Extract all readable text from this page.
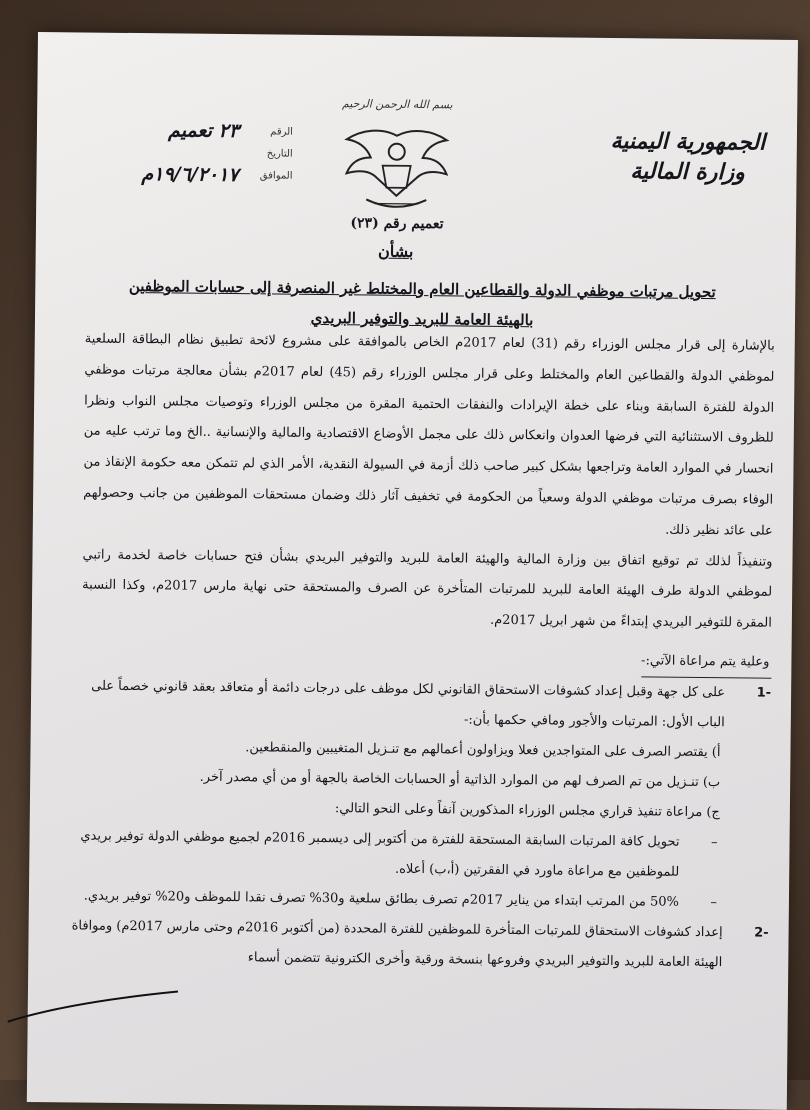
الجمهورية اليمنية
وزارة المالية
بسم الله الرحمن الرحيم
الرقم
٢٣ تعميم
التاريخ
الموافق
١٩/٦/٢٠١٧م
تعميم رقم (٢٣)
بشأن
تحويل مرتبات موظفي الدولة والقطاعين العام والمختلط غير المنصرفة إلى حسابات الموظفين
بالهيئة العامة للبريد والتوفير البريدي

بالإشارة إلى قرار مجلس الوزراء رقم (31) لعام 2017م الخاص بالموافقة على مشروع لائحة تطبيق نظام البطاقة السلعية لموظفي الدولة والقطاعين العام والمختلط وعلى قرار مجلس الوزراء رقم (45) لعام 2017م بشأن معالجة مرتبات موظفي الدولة للفترة السابقة وبناء على خطة الإيرادات والنفقات الحتمية المقرة من مجلس الوزراء وتوصيات مجلس النواب ونظرا للظروف الاستثنائية التي فرضها العدوان وانعكاس ذلك على مجمل الأوضاع الاقتصادية والمالية والإنسانية ..الخ وما ترتب عليه من انحسار في الموارد العامة وتراجعها بشكل كبير صاحب ذلك أزمة في السيولة النقدية، الأمر الذي لم تتمكن معه حكومة الإنقاذ من الوفاء بصرف مرتبات موظفي الدولة وسعياً من الحكومة في تخفيف آثار ذلك وضمان مستحقات الموظفين من جانب وحصولهم على عائد نظير ذلك.

وتنفيذاً لذلك تم توقيع اتفاق بين وزارة المالية والهيئة العامة للبريد والتوفير البريدي بشأن فتح حسابات خاصة لخدمة راتبي لموظفي الدولة طرف الهيئة العامة للبريد للمرتبات المتأخرة عن الصرف والمستحقة حتى نهاية مارس 2017م، وكذا النسبة المقرة للتوفير البريدي إبتداءً من شهر ابريل 2017م.

وعلية يتم مراعاة الآتي:-
-1
على كل جهة وقبل إعداد كشوفات الاستحقاق القانوني لكل موظف على درجات دائمة أو متعاقد بعقد قانوني خصماً على الباب الأول: المرتبات والأجور ومافي حكمها بأن:-
أ) يقتصر الصرف على المتواجدين فعلا ويزاولون أعمالهم مع تنـزيل المتغيبين والمنقطعين.
ب) تنـزيل من تم الصرف لهم من الموارد الذاتية أو الحسابات الخاصة بالجهة أو من أي مصدر آخر.
ج) مراعاة تنفيذ قراري مجلس الوزراء المذكورين آنفاً وعلى النحو التالي:
–
تحويل كافة المرتبات السابقة المستحقة للفترة من أكتوبر إلى ديسمبر 2016م لجميع موظفي الدولة توفير بريدي للموظفين مع مراعاة ماورد في الفقرتين (أ،ب) أعلاه.
–
50% من المرتب ابتداء من يناير 2017م تصرف بطائق سلعية و30% تصرف نقدا للموظف و20% توفير بريدي.
-2
إعداد كشوفات الاستحقاق للمرتبات المتأخرة للموظفين للفترة المحددة (من أكتوبر 2016م وحتى مارس 2017م) وموافاة الهيئة العامة للبريد والتوفير البريدي وفروعها بنسخة ورقية وأخرى الكترونية تتضمن أسماء
